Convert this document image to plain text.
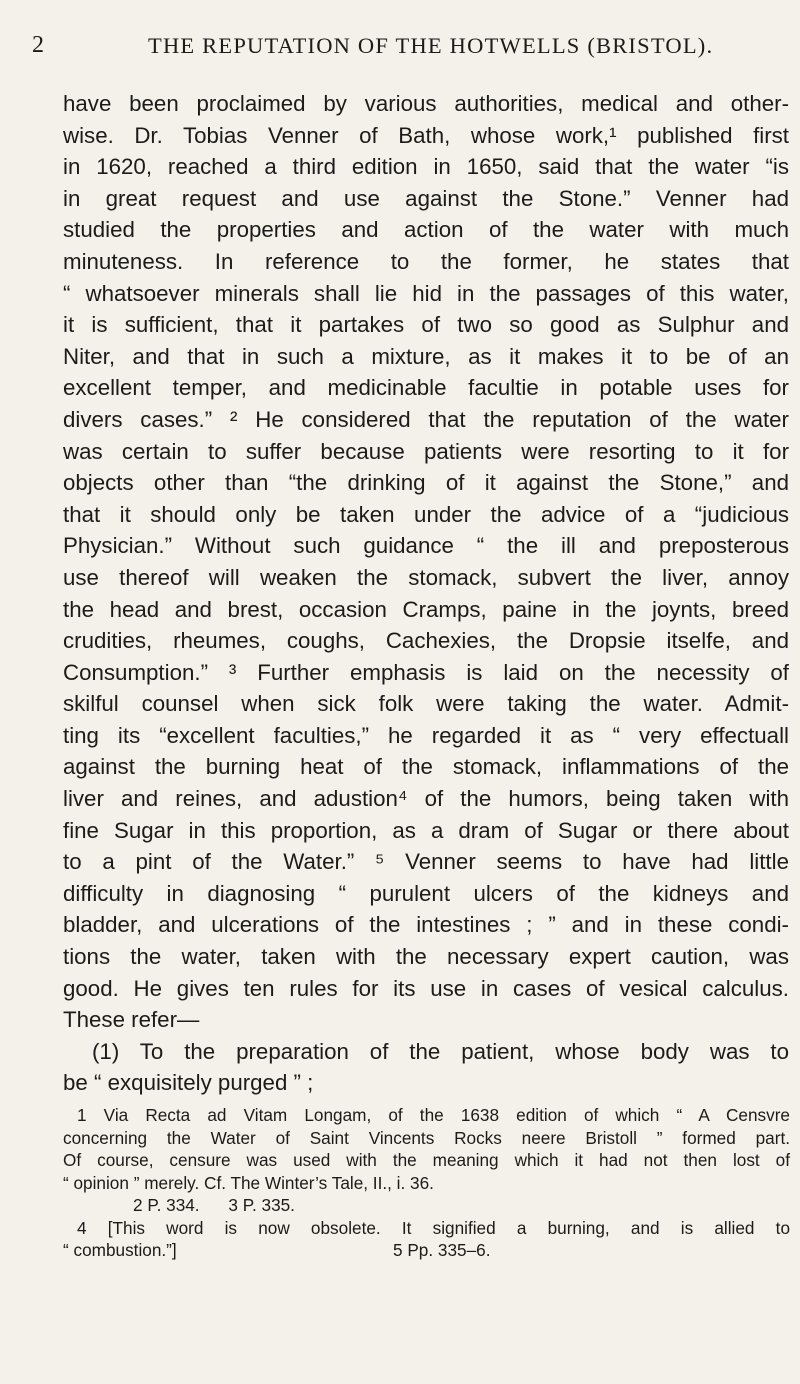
2	THE REPUTATION OF THE HOTWELLS (BRISTOL).
have been proclaimed by various authorities, medical and other-
wise. Dr. Tobias Venner of Bath, whose work,¹ published first
in 1620, reached a third edition in 1650, said that the water “is
in great request and use against the Stone.” Venner had
studied the properties and action of the water with much
minuteness. In reference to the former, he states that
“ whatsoever minerals shall lie hid in the passages of this water,
it is sufficient, that it partakes of two so good as Sulphur and
Niter, and that in such a mixture, as it makes it to be of an
excellent temper, and medicinable facultie in potable uses for
divers cases.” ² He considered that the reputation of the water
was certain to suffer because patients were resorting to it for
objects other than “the drinking of it against the Stone,” and
that it should only be taken under the advice of a “judicious
Physician.” Without such guidance “ the ill and preposterous
use thereof will weaken the stomack, subvert the liver, annoy
the head and brest, occasion Cramps, paine in the joynts, breed
crudities, rheumes, coughs, Cachexies, the Dropsie itselfe, and
Consumption.” ³ Further emphasis is laid on the necessity of
skilful counsel when sick folk were taking the water. Admit-
ting its “excellent faculties,” he regarded it as “ very effectuall
against the burning heat of the stomack, inflammations of the
liver and reines, and adustion⁴ of the humors, being taken with
fine Sugar in this proportion, as a dram of Sugar or there about
to a pint of the Water.” ⁵ Venner seems to have had little
difficulty in diagnosing “ purulent ulcers of the kidneys and
bladder, and ulcerations of the intestines ; ” and in these condi-
tions the water, taken with the necessary expert caution, was
good. He gives ten rules for its use in cases of vesical calculus.
These refer—
(1) To the preparation of the patient, whose body was to
be “ exquisitely purged ” ;
1 Via Recta ad Vitam Longam, of the 1638 edition of which “ A Censvre
concerning the Water of Saint Vincents Rocks neere Bristoll ” formed part.
Of course, censure was used with the meaning which it had not then lost of
“ opinion ” merely. Cf. The Winter’s Tale, II., i. 36.
2 P. 334. 3 P. 335.
4 [This word is now obsolete. It signified a burning, and is allied to
“ combustion.”]	5 Pp. 335–6.
